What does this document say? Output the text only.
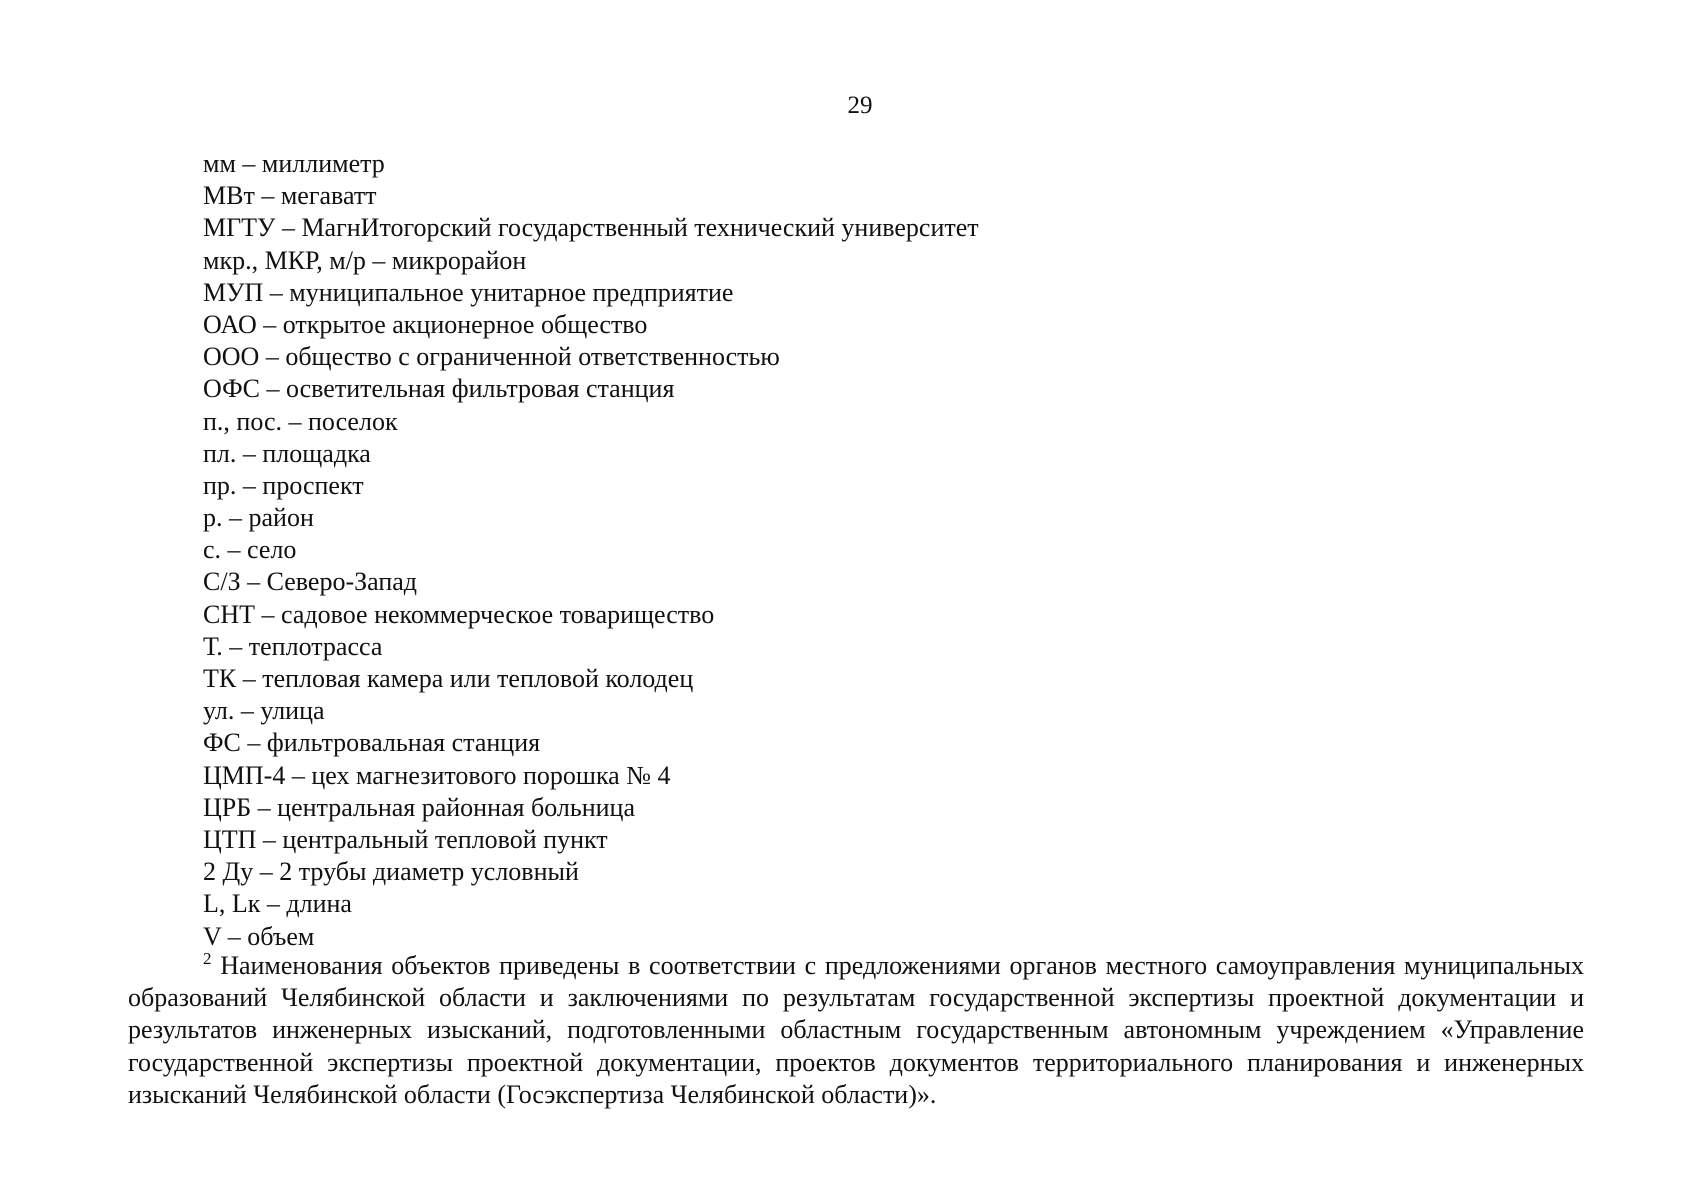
29
мм – миллиметр
МВт – мегаватт
МГТУ – МагнИтогорский государственный технический университет
мкр., МКР, м/р – микрорайон
МУП – муниципальное унитарное предприятие
ОАО – открытое акционерное общество
ООО – общество с ограниченной ответственностью
ОФС – осветительная фильтровая станция
п., пос. – поселок
пл. – площадка
пр. – проспект
р. – район
с. – село
С/З – Северо-Запад
СНТ – садовое некоммерческое товарищество
Т. – теплотрасса
ТК – тепловая камера или тепловой колодец
ул. – улица
ФС – фильтровальная станция
ЦМП-4 – цех магнезитового порошка № 4
ЦРБ – центральная районная больница
ЦТП – центральный тепловой пункт
2 Ду – 2 трубы диаметр условный
L, Lк – длина
V – объем

$^2$ Наименования объектов приведены в соответствии с предложениями органов местного самоуправления муниципальных образований Челябинской области и заключениями по результатам государственной экспертизы проектной документации и результатов инженерных изысканий, подготовленными областным государственным автономным учреждением «Управление государственной экспертизы проектной документации, проектов документов территориального планирования и инженерных изысканий Челябинской области (Госэкспертиза Челябинской области)».
